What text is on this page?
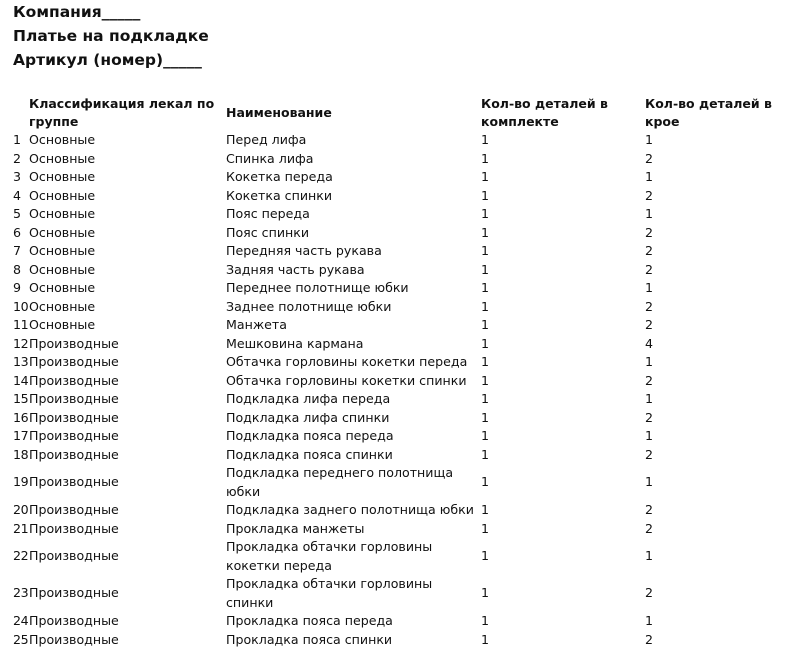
Компания_____
Платье на подкладке
Артикул (номер)_____
	Классификация лекал по группе	Наименование	Кол-во деталей в комплекте	Кол-во деталей в крое
1	Основные	Перед лифа	1	1
2	Основные	Спинка лифа	1	2
3	Основные	Кокетка переда	1	1
4	Основные	Кокетка спинки	1	2
5	Основные	Пояс переда	1	1
6	Основные	Пояс спинки	1	2
7	Основные	Передняя часть рукава	1	2
8	Основные	Задняя часть рукава	1	2
9	Основные	Переднее полотнище юбки	1	1
10	Основные	Заднее полотнище юбки	1	2
11	Основные	Манжета	1	2
12	Производные	Мешковина кармана	1	4
13	Производные	Обтачка горловины кокетки переда	1	1
14	Производные	Обтачка горловины кокетки спинки	1	2
15	Производные	Подкладка лифа переда	1	1
16	Производные	Подкладка лифа спинки	1	2
17	Производные	Подкладка пояса переда	1	1
18	Производные	Подкладка пояса спинки	1	2
19	Производные	Подкладка переднего полотнища юбки	1	1
20	Производные	Подкладка заднего полотнища юбки	1	2
21	Производные	Прокладка манжеты	1	2
22	Производные	Прокладка обтачки горловины кокетки переда	1	1
23	Производные	Прокладка обтачки горловины спинки	1	2
24	Производные	Прокладка пояса переда	1	1
25	Производные	Прокладка пояса спинки	1	2
